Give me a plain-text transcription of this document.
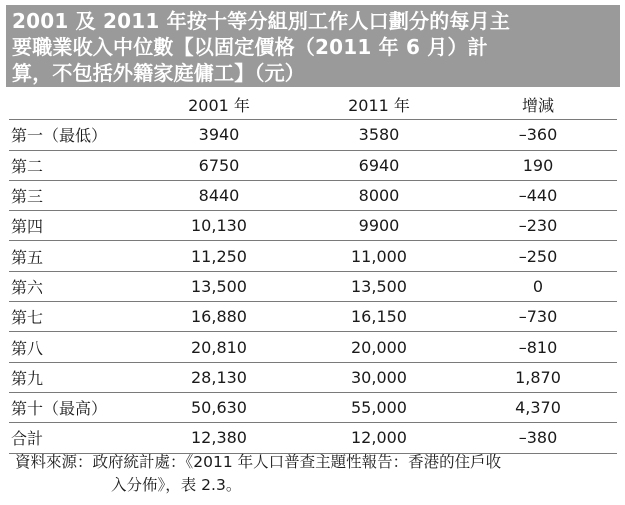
2001 及 2011 年按十等分組別工作人口劃分的每月主
要職業收入中位數【以固定價格（2011 年 6 月）計
算，不包括外籍家庭傭工】（元）
	2001 年	2011 年	增減
第一（最低）	3940	3580	–360
第二	6750	6940	190
第三	8440	8000	–440
第四	10,130	9900	–230
第五	11,250	11,000	–250
第六	13,500	13,500	0
第七	16,880	16,150	–730
第八	20,810	20,000	–810
第九	28,130	30,000	1,870
第十（最高）	50,630	55,000	4,370
合計	12,380	12,000	–380
資料來源：政府統計處：《2011 年人口普查主題性報告：香港的住戶收
入分佈》，表 2.3。
